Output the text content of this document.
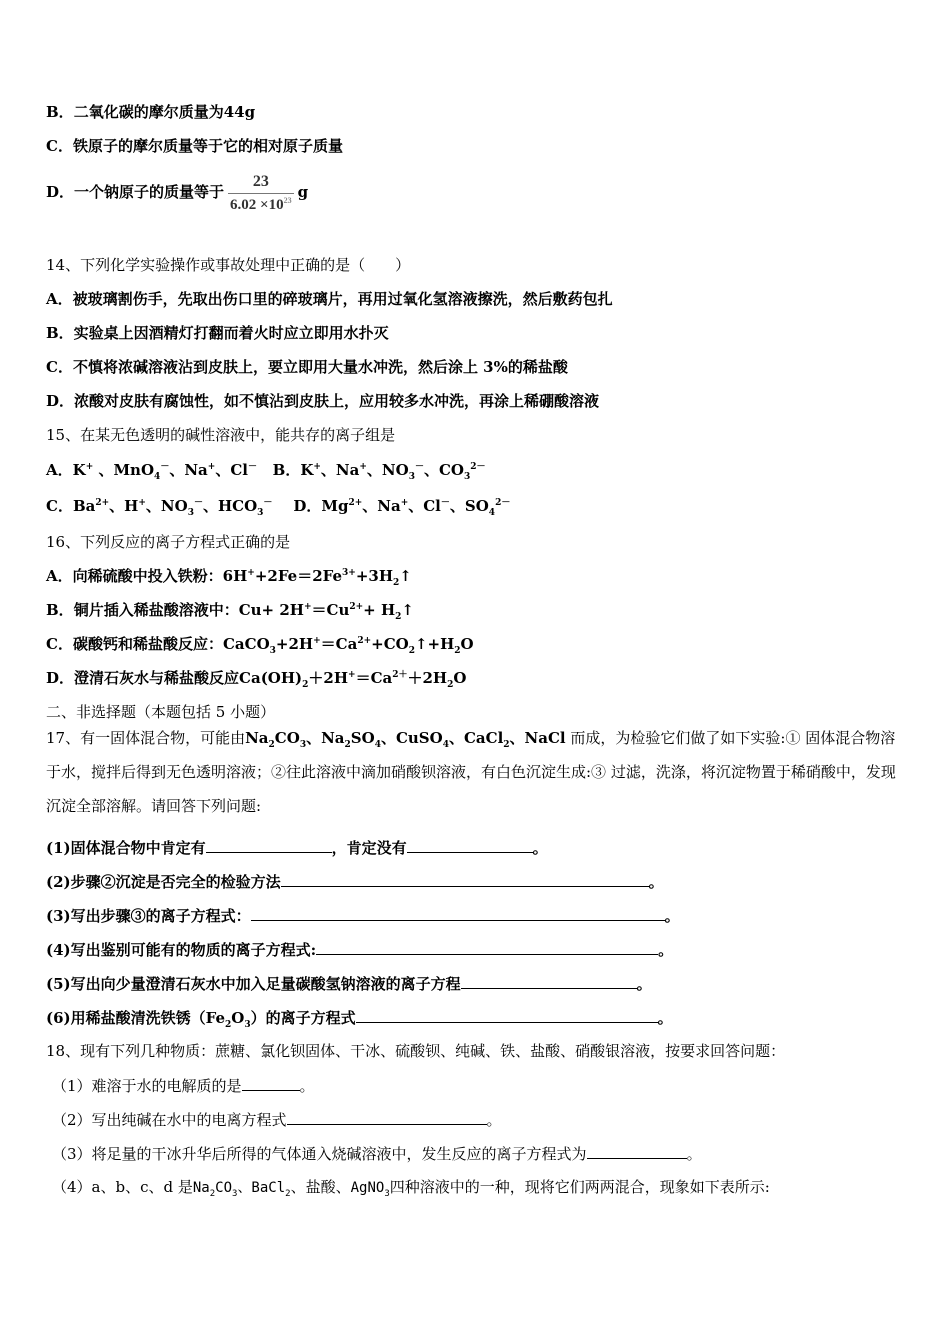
B．二氧化碳的摩尔质量为44g
C．铁原子的摩尔质量等于它的相对原子质量
D．一个钠原子的质量等于 $\frac{23}{6.02 \times 10^{23}}$ g
14、下列化学实验操作或事故处理中正确的是（　　）
A．被玻璃割伤手，先取出伤口里的碎玻璃片，再用过氧化氢溶液擦洗，然后敷药包扎
B．实验桌上因酒精灯打翻而着火时应立即用水扑灭
C．不慎将浓碱溶液沾到皮肤上，要立即用大量水冲洗，然后涂上 3%的稀盐酸
D．浓酸对皮肤有腐蚀性，如不慎沾到皮肤上，应用较多水冲洗，再涂上稀硼酸溶液
15、在某无色透明的碱性溶液中，能共存的离子组是
A．K+ 、MnO$_4$－、Na+、Cl－ B．K+、Na+、$NO_3^-$、$CO_3^{2-}$
C．$Ba^{2+}$、H+、$NO_3^-$、$HCO_3^-$ D．$Mg^{2+}$、Na+、Cl－、$SO_4^{2-}$
16、下列反应的离子方程式正确的是
A．向稀硫酸中投入铁粉：$6H^++2Fe=2Fe^{3+}+3H_2↑$
B．铜片插入稀盐酸溶液中：$Cu+ 2H^+=Cu^{2+}+$ $H_2↑$
C．碳酸钙和稀盐酸反应：$CaCO_3+2H^+=Ca^{2+}+CO_2↑+H_2O$
D．澄清石灰水与稀盐酸反应$Ca(OH)_2+2H^+=Ca^{2+}+2H_2O$
二、非选择题（本题包括 5 小题）
17、有一固体混合物，可能由$Na_2CO_3$、$Na_2SO_4$、CuSO$_4$、CaCl$_2$、NaCl 而成，为检验它们做了如下实验:① 固体混合物溶于水，搅拌后得到无色透明溶液；②往此溶液中滴加硝酸钡溶液，有白色沉淀生成:③ 过滤，洗涤，将沉淀物置于稀硝酸中，发现沉淀全部溶解。请回答下列问题:
(1)固体混合物中肯定有	，肯定没有	。
(2)步骤②沉淀是否完全的检验方法	。
(3)写出步骤③的离子方程式：	。
(4)写出鉴别可能有的物质的离子方程式:	。
(5)写出向少量澄清石灰水中加入足量碳酸氢钠溶液的离子方程	。
(6)用稀盐酸清洗铁锈$(Fe_2O_3)$的离子方程式	。
18、现有下列几种物质：蔗糖、氯化钡固体、干冰、硫酸钡、纯碱、铁、盐酸、硝酸银溶液，按要求回答问题：
（1）难溶于水的电解质的是	。
（2）写出纯碱在水中的电离方程式	。
（3）将足量的干冰升华后所得的气体通入烧碱溶液中，发生反应的离子方程式为	。
（4）a、b、c、d 是$Na_2CO_3$、BaCl$_2$、盐酸、AgNO$_3$四种溶液中的一种，现将它们两两混合，现象如下表所示:
